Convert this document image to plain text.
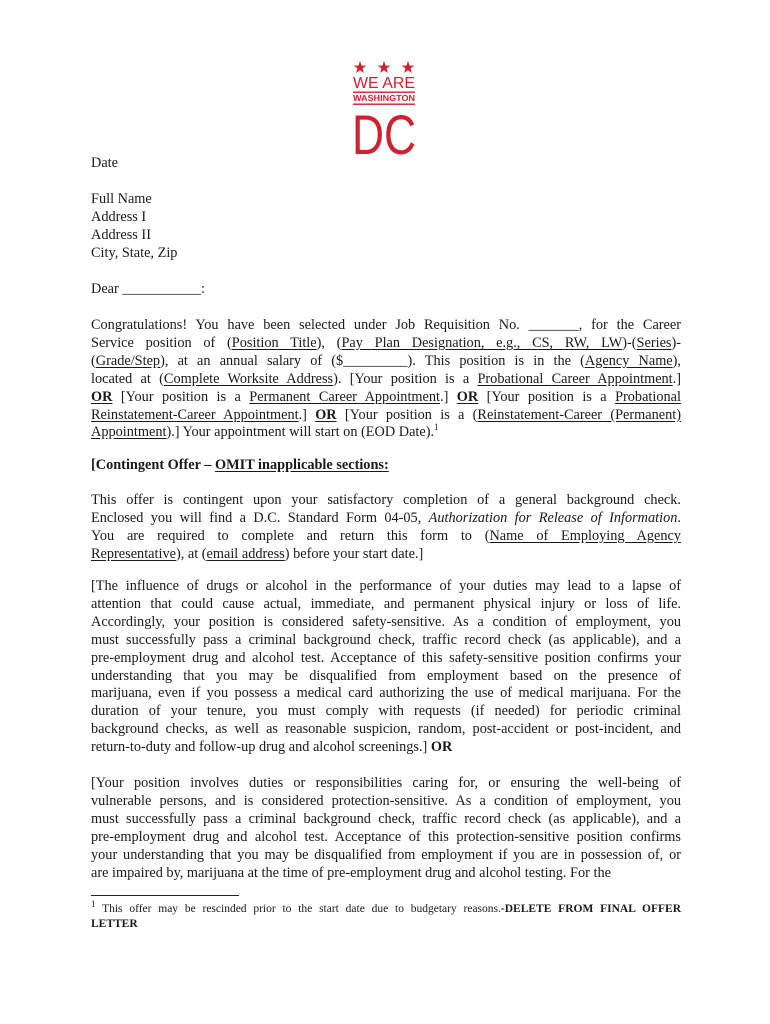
WE ARE
WASHINGTON
DC
Date
Full Name
Address I
Address II
City, State, Zip
Dear ___________:
Congratulations! You have been selected under Job Requisition No. _______, for the Career
Service position of (Position Title), (Pay Plan Designation, e.g., CS, RW, LW)-(Series)-
(Grade/Step), at an annual salary of ($_________). This position is in the (Agency Name),
located at (Complete Worksite Address). [Your position is a Probational Career Appointment.]
OR [Your position is a Permanent Career Appointment.] OR [Your position is a Probational
Reinstatement-Career Appointment.] OR [Your position is a (Reinstatement-Career (Permanent)
Appointment).] Your appointment will start on (EOD Date).$^1$
[Contingent Offer – OMIT inapplicable sections:
This offer is contingent upon your satisfactory completion of a general background check.
Enclosed you will find a D.C. Standard Form 04-05, Authorization for Release of Information.
You are required to complete and return this form to (Name of Employing Agency
Representative), at (email address) before your start date.]
[The influence of drugs or alcohol in the performance of your duties may lead to a lapse of
attention that could cause actual, immediate, and permanent physical injury or loss of life.
Accordingly, your position is considered safety-sensitive. As a condition of employment, you
must successfully pass a criminal background check, traffic record check (as applicable), and a
pre-employment drug and alcohol test. Acceptance of this safety-sensitive position confirms your
understanding that you may be disqualified from employment based on the presence of
marijuana, even if you possess a medical card authorizing the use of medical marijuana. For the
duration of your tenure, you must comply with requests (if needed) for periodic criminal
background checks, as well as reasonable suspicion, random, post-accident or post-incident, and
return-to-duty and follow-up drug and alcohol screenings.] OR
[Your position involves duties or responsibilities caring for, or ensuring the well-being of
vulnerable persons, and is considered protection-sensitive. As a condition of employment, you
must successfully pass a criminal background check, traffic record check (as applicable), and a
pre-employment drug and alcohol test. Acceptance of this protection-sensitive position confirms
your understanding that you may be disqualified from employment if you are in possession of, or
are impaired by, marijuana at the time of pre-employment drug and alcohol testing. For the
$^1$ This offer may be rescinded prior to the start date due to budgetary reasons.-DELETE FROM FINAL OFFER
LETTER
